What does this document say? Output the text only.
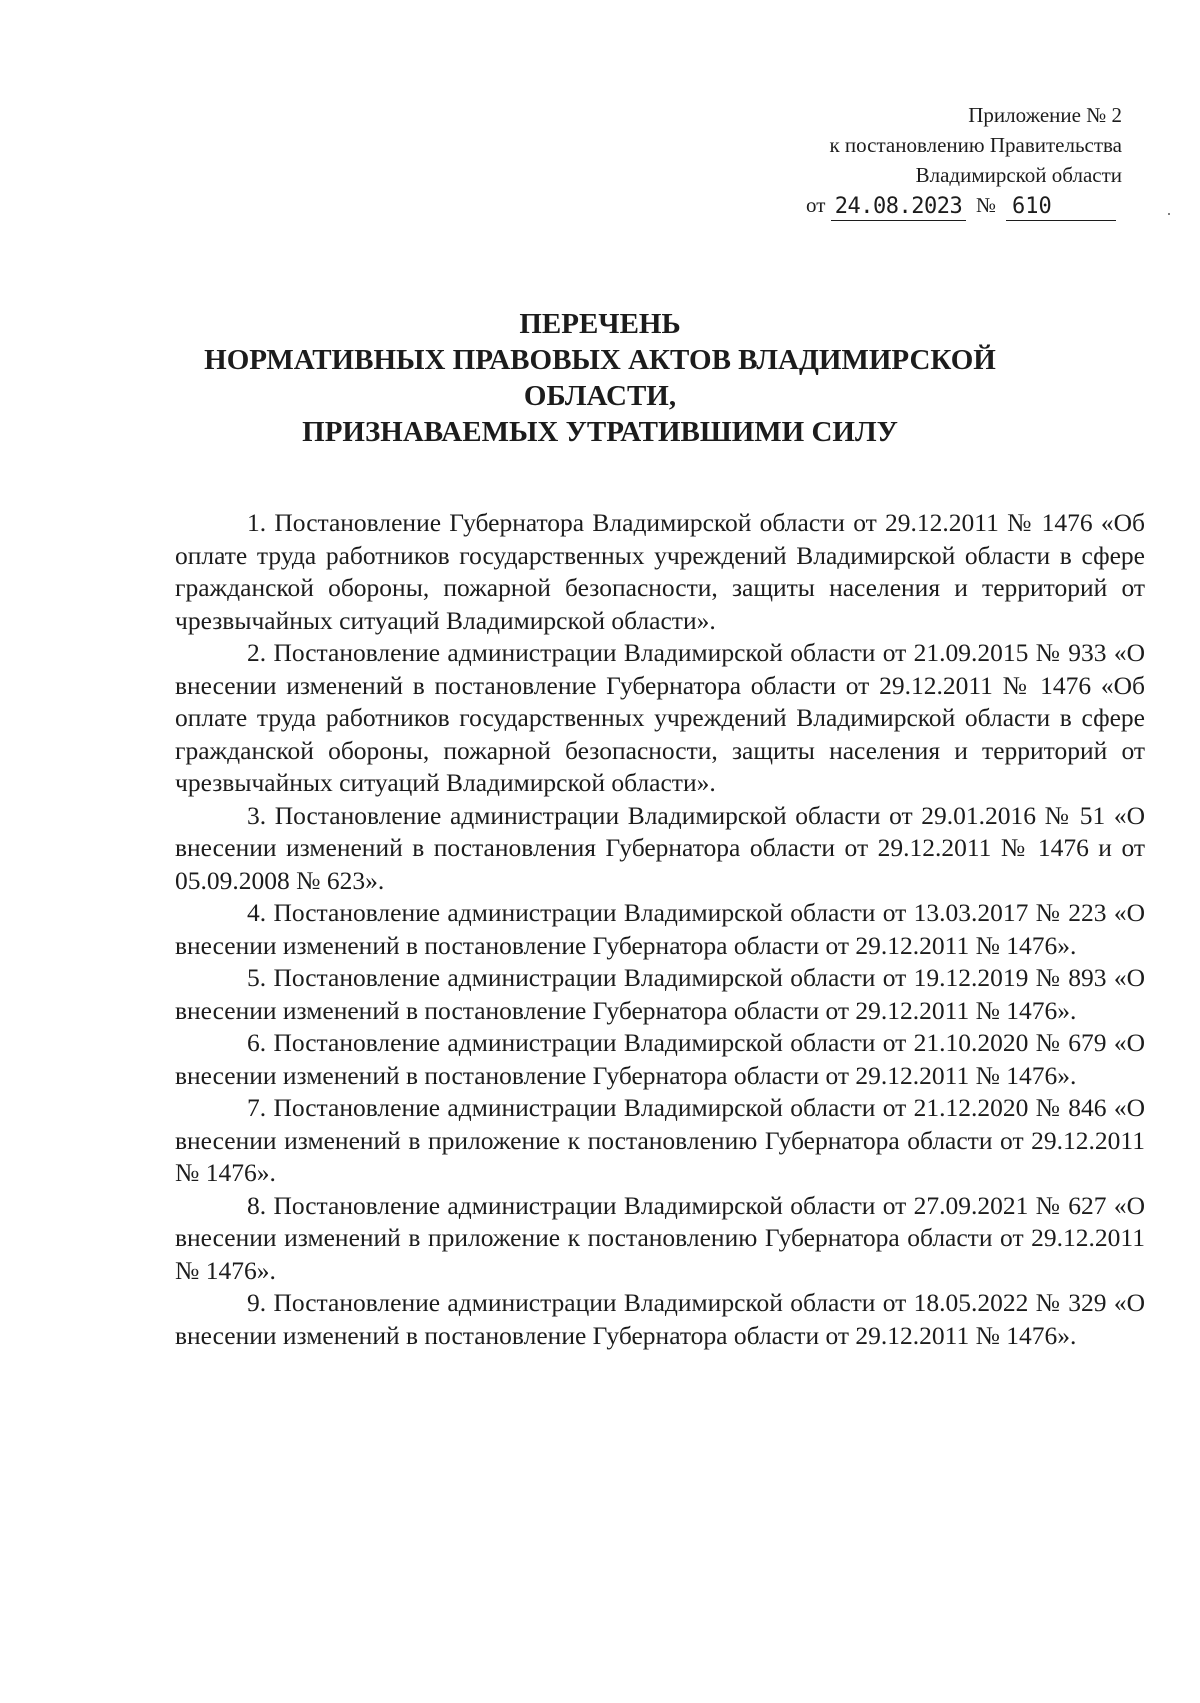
Приложение № 2
к постановлению Правительства
Владимирской области
от 24.08.2023 № 610
ПЕРЕЧЕНЬ
НОРМАТИВНЫХ ПРАВОВЫХ АКТОВ ВЛАДИМИРСКОЙ
ОБЛАСТИ,
ПРИЗНАВАЕМЫХ УТРАТИВШИМИ СИЛУ

1. Постановление Губернатора Владимирской области от 29.12.2011 № 1476 «Об оплате труда работников государственных учреждений Владимирской области в сфере гражданской обороны, пожарной безопасности, защиты населения и территорий от чрезвычайных ситуаций Владимирской области».

2. Постановление администрации Владимирской области от 21.09.2015 № 933 «О внесении изменений в постановление Губернатора области от 29.12.2011 № 1476 «Об оплате труда работников государственных учреждений Владимирской области в сфере гражданской обороны, пожарной безопасности, защиты населения и территорий от чрезвычайных ситуаций Владимирской области».

3. Постановление администрации Владимирской области от 29.01.2016 № 51 «О внесении изменений в постановления Губернатора области от 29.12.2011 № 1476 и от 05.09.2008 № 623».

4. Постановление администрации Владимирской области от 13.03.2017 № 223 «О внесении изменений в постановление Губернатора области от 29.12.2011 № 1476».

5. Постановление администрации Владимирской области от 19.12.2019 № 893 «О внесении изменений в постановление Губернатора области от 29.12.2011 № 1476».

6. Постановление администрации Владимирской области от 21.10.2020 № 679 «О внесении изменений в постановление Губернатора области от 29.12.2011 № 1476».

7. Постановление администрации Владимирской области от 21.12.2020 № 846 «О внесении изменений в приложение к постановлению Губернатора области от 29.12.2011 № 1476».

8. Постановление администрации Владимирской области от 27.09.2021 № 627 «О внесении изменений в приложение к постановлению Губернатора области от 29.12.2011 № 1476».

9. Постановление администрации Владимирской области от 18.05.2022 № 329 «О внесении изменений в постановление Губернатора области от 29.12.2011 № 1476».
